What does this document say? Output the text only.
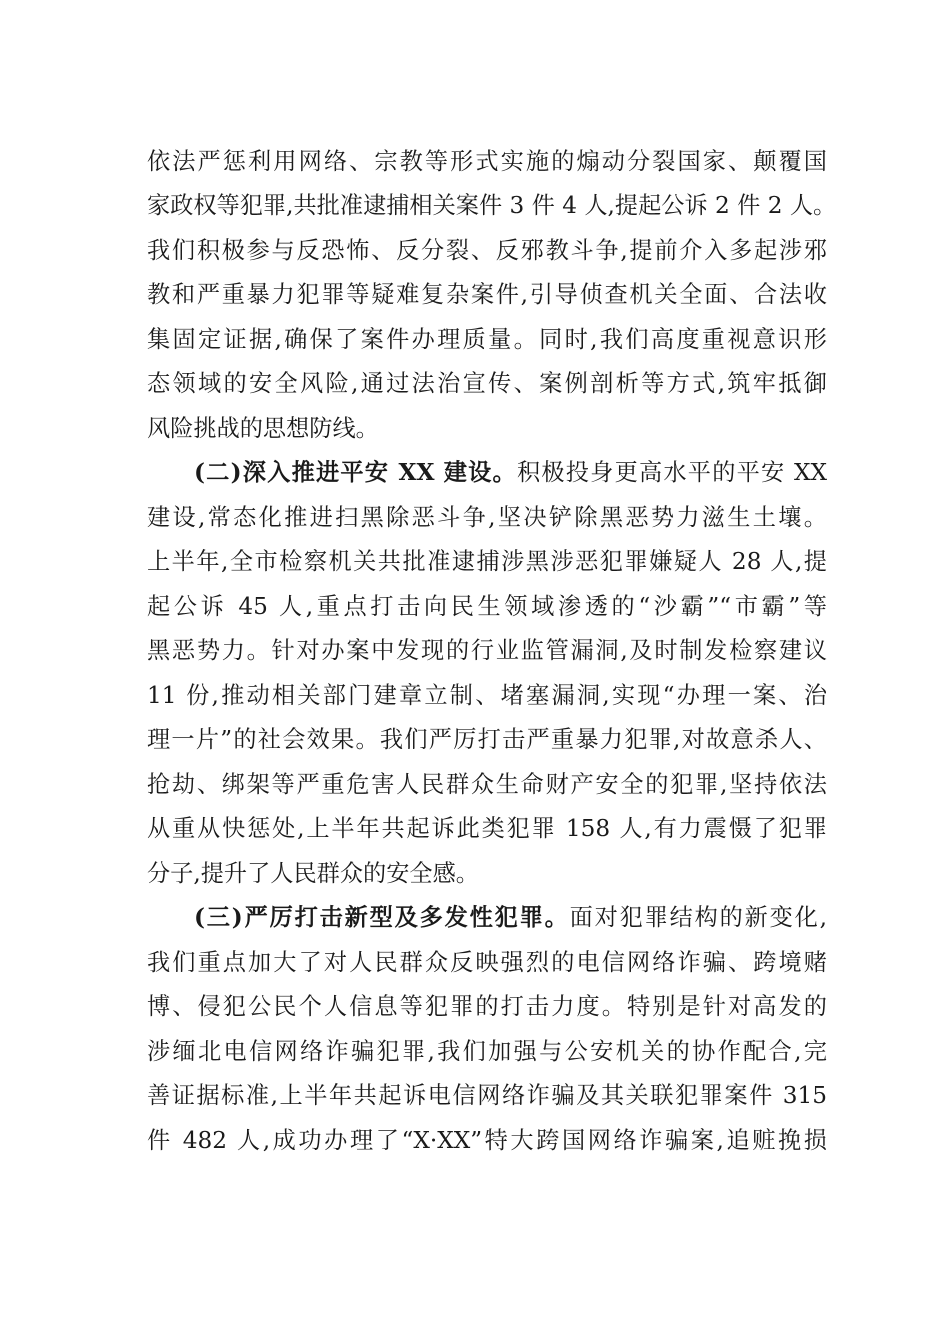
依法严惩利用网络、宗教等形式实施的煽动分裂国家、颠覆国
家政权等犯罪,共批准逮捕相关案件 3 件 4 人,提起公诉 2 件 2 人。
我们积极参与反恐怖、反分裂、反邪教斗争,提前介入多起涉邪
教和严重暴力犯罪等疑难复杂案件,引导侦查机关全面、合法收
集固定证据,确保了案件办理质量。同时,我们高度重视意识形
态领域的安全风险,通过法治宣传、案例剖析等方式,筑牢抵御
风险挑战的思想防线。
(二)深入推进平安 XX 建设。积极投身更高水平的平安 XX
建设,常态化推进扫黑除恶斗争,坚决铲除黑恶势力滋生土壤。
上半年,全市检察机关共批准逮捕涉黑涉恶犯罪嫌疑人 28 人,提
起公诉 45 人,重点打击向民生领域渗透的“沙霸”“市霸”等
黑恶势力。针对办案中发现的行业监管漏洞,及时制发检察建议
11 份,推动相关部门建章立制、堵塞漏洞,实现“办理一案、治
理一片”的社会效果。我们严厉打击严重暴力犯罪,对故意杀人、
抢劫、绑架等严重危害人民群众生命财产安全的犯罪,坚持依法
从重从快惩处,上半年共起诉此类犯罪 158 人,有力震慑了犯罪
分子,提升了人民群众的安全感。
(三)严厉打击新型及多发性犯罪。面对犯罪结构的新变化,
我们重点加大了对人民群众反映强烈的电信网络诈骗、跨境赌
博、侵犯公民个人信息等犯罪的打击力度。特别是针对高发的
涉缅北电信网络诈骗犯罪,我们加强与公安机关的协作配合,完
善证据标准,上半年共起诉电信网络诈骗及其关联犯罪案件 315
件 482 人,成功办理了“X·XX”特大跨国网络诈骗案,追赃挽损
